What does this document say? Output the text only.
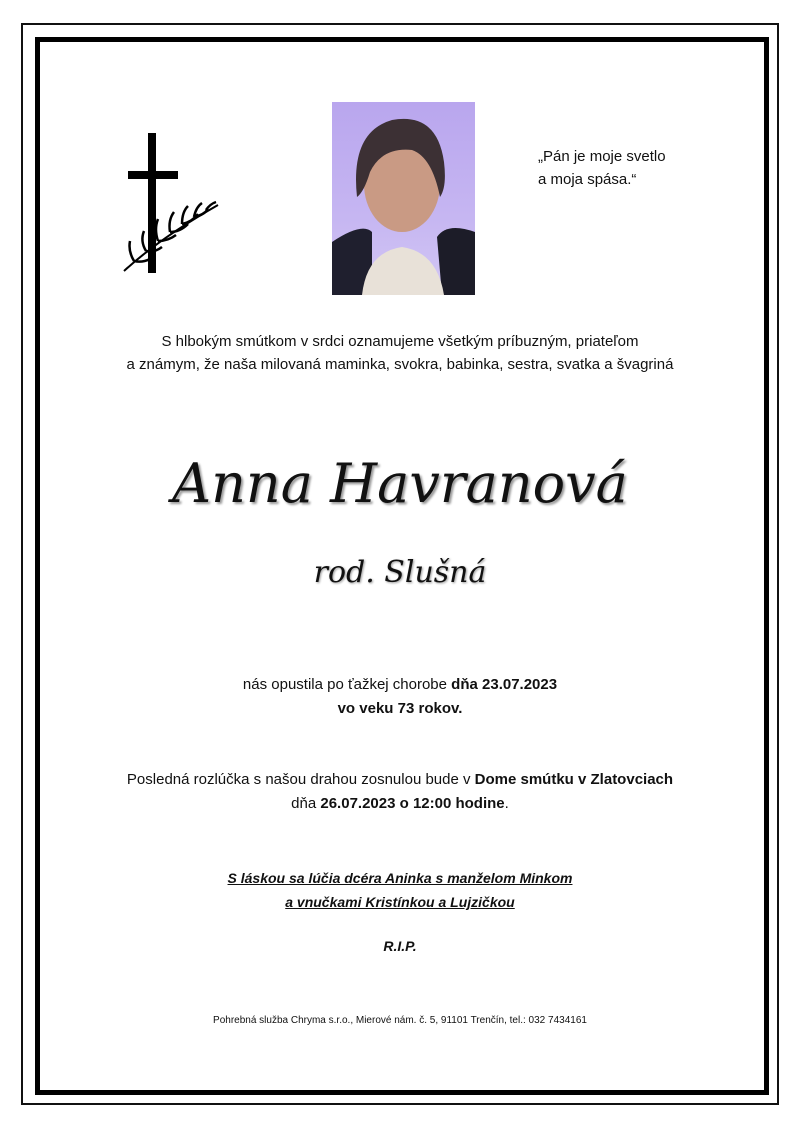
„Pán je moje svetlo
a moja spása.“
S hlbokým smútkom v srdci oznamujeme všetkým príbuzným, priateľom
a známym, že naša milovaná maminka, svokra, babinka, sestra, svatka a švagriná
Anna Havranová
rod. Slušná
nás opustila po ťažkej chorobe dňa 23.07.2023
vo veku 73 rokov.
Posledná rozlúčka s našou drahou zosnulou bude v Dome smútku v Zlatovciach
dňa 26.07.2023 o 12:00 hodine.
S láskou sa lúčia dcéra Aninka s manželom Minkom
a vnučkami Kristínkou a Lujzičkou
R.I.P.
Pohrebná služba Chryma s.r.o., Mierové nám. č. 5, 91101 Trenčín, tel.: 032 7434161
